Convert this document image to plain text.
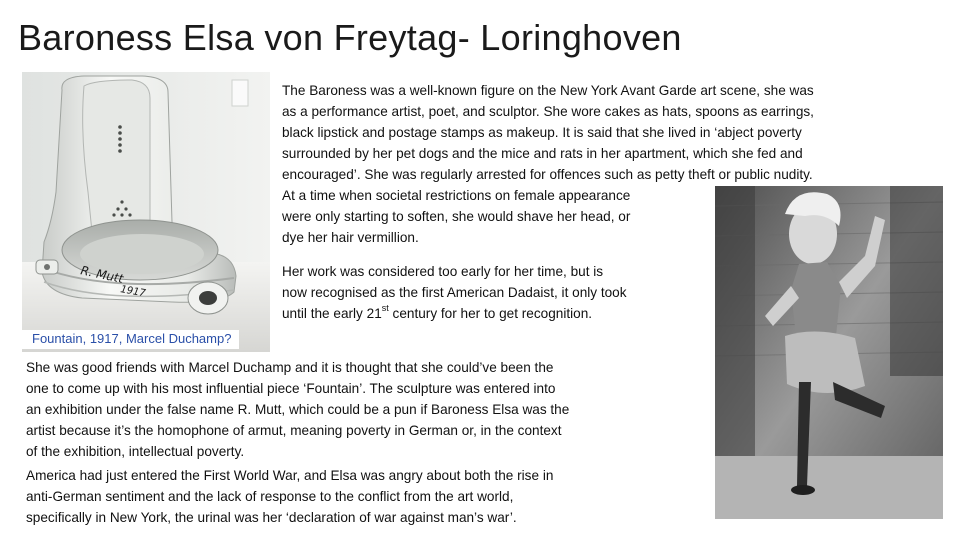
Baroness Elsa von Freytag- Loringhoven
R. Mutt
1917
Fountain, 1917, Marcel Duchamp?
The Baroness was a well-known figure on the New York Avant Garde art scene, she was
as a performance artist, poet, and sculptor. She wore cakes as hats, spoons as earrings,
black lipstick and postage stamps as makeup. It is said that she lived in ‘abject poverty
surrounded by her pet dogs and the mice and rats in her apartment, which she fed and
encouraged’. She was regularly arrested for offences such as petty theft or public nudity.
At a time when societal restrictions on female appearance
were only starting to soften, she would shave her head, or
dye her hair vermillion.
Her work was considered too early for her time, but is
now recognised as the first American Dadaist, it only took
until the early 21st century for her to get recognition.
She was good friends with Marcel Duchamp and it is thought that she could’ve been the
one to come up with his most influential piece ‘Fountain’. The sculpture was entered into
an exhibition under the false name R. Mutt, which could be a pun if Baroness Elsa was the
artist because it’s the homophone of armut, meaning poverty in German or, in the context
of the exhibition, intellectual poverty.
America had just entered the First World War, and Elsa was angry about both the rise in
anti-German sentiment and the lack of response to the conflict from the art world,
specifically in New York, the urinal was her ‘declaration of war against man’s war’.
